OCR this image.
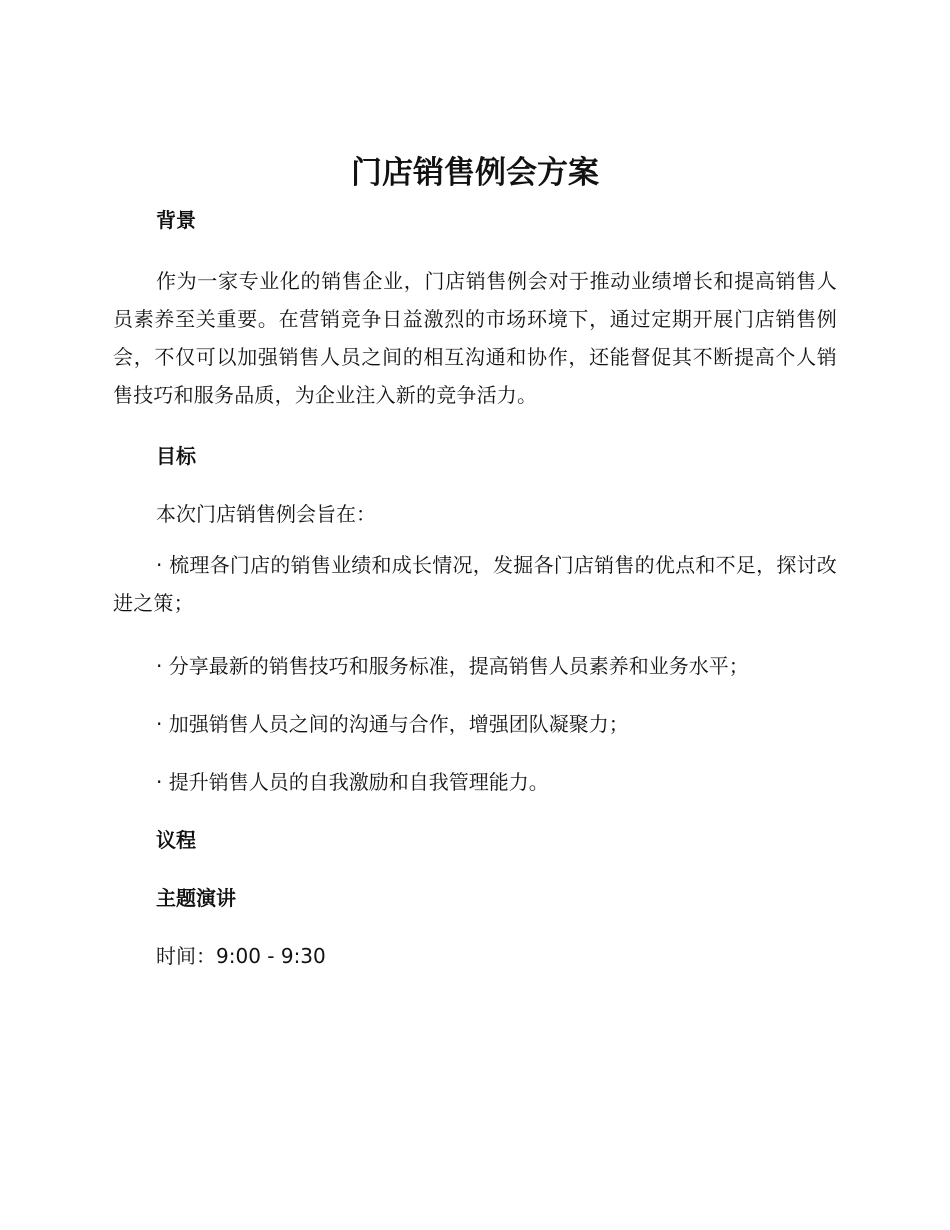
门店销售例会方案
背景

作为一家专业化的销售企业，门店销售例会对于推动业绩增长和提高销售人员素养至关重要。在营销竞争日益激烈的市场环境下，通过定期开展门店销售例会，不仅可以加强销售人员之间的相互沟通和协作，还能督促其不断提高个人销售技巧和服务品质，为企业注入新的竞争活力。

目标

本次门店销售例会旨在：

· 梳理各门店的销售业绩和成长情况，发掘各门店销售的优点和不足，探讨改进之策；

· 分享最新的销售技巧和服务标准，提高销售人员素养和业务水平；

· 加强销售人员之间的沟通与合作，增强团队凝聚力；

· 提升销售人员的自我激励和自我管理能力。

议程
主题演讲

时间：9:00 - 9:30
